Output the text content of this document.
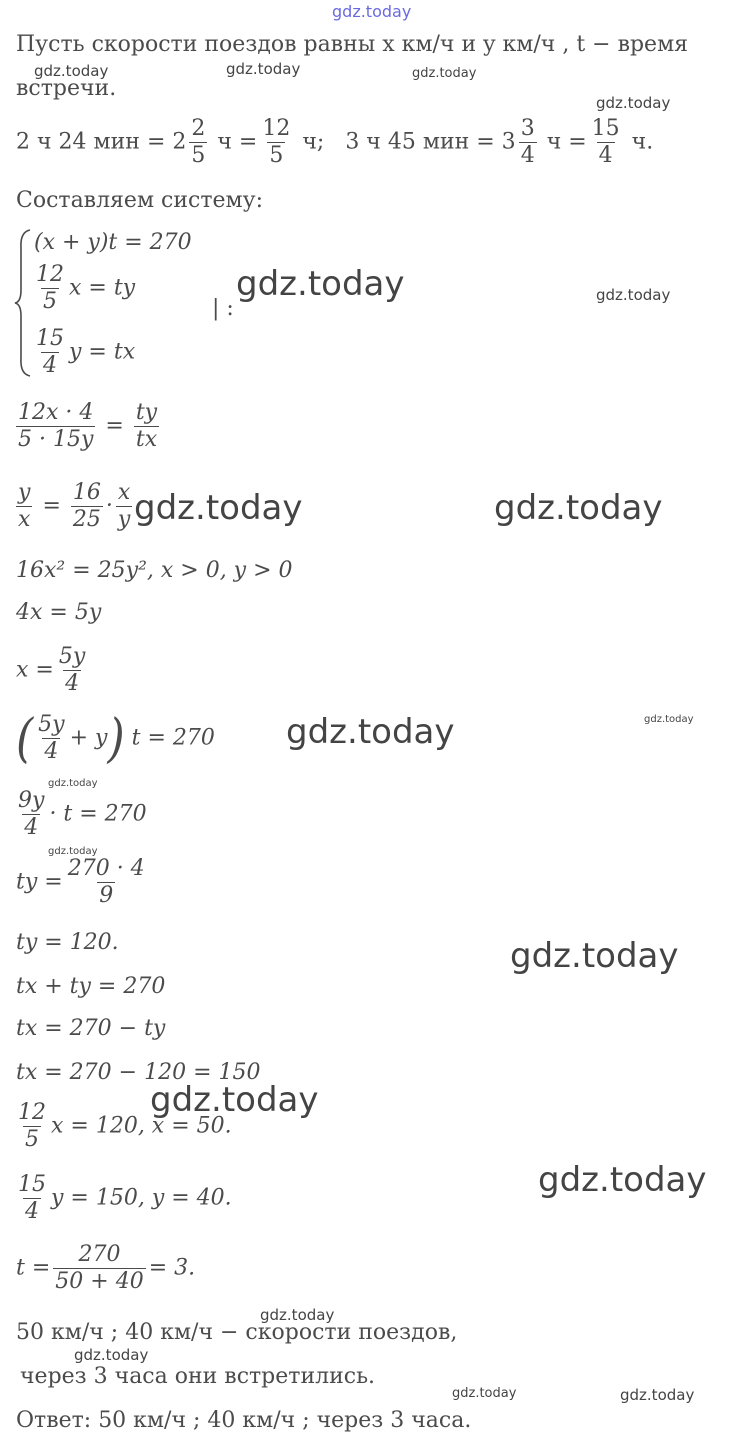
gdz.today
gdz.today	gdz.today	gdz.today
gdz.today
gdz.today	gdz.today
gdz.today	gdz.today
gdz.today	gdz.today
gdz.today
gdz.today
gdz.today
gdz.today
gdz.today
gdz.today
gdz.today
gdz.today	gdz.today
Пусть скорости поездов равны x км/ч и y км/ч , t − время
встречи.
2 ч 24 мин = $2 \frac{2}{5}$ $ч = \frac{12}{5} ч$; 3 ч 45 мин = $3 \frac{3}{4}$ $ч = \frac{15}{4} ч$.
Составляем систему:
(x + y)t = 270
$\frac{12}{5}$ x = ty
| :
$\frac{15}{4}$ y = tx
$\frac{12x \cdot 4}{5 \cdot 15y} = \frac{ty}{tx}$
$\frac{y}{x} = \frac{16}{25} \cdot \frac{x}{y}$
16x² = 25y², x > 0, y > 0
4x = 5y
$x = \frac{5y}{4}$
( $\frac{5y}{4} + y$) t = 270
$\frac{9y}{4} \cdot t = 270$
ty = $\frac{270 \cdot 4}{9}$
ty = 120.
tx + ty = 270
tx = 270 − ty
tx = 270 − 120 = 150
$\frac{12}{5}$ x = 120, x = 50.
$\frac{15}{4}$ y = 150, y = 40.
$t = \frac{270}{50 + 40} = 3$.
50 км/ч ; 40 км/ч − скорости поездов,
через 3 часа они встретились.
Ответ: 50 км/ч ; 40 км/ч ; через 3 часа.
